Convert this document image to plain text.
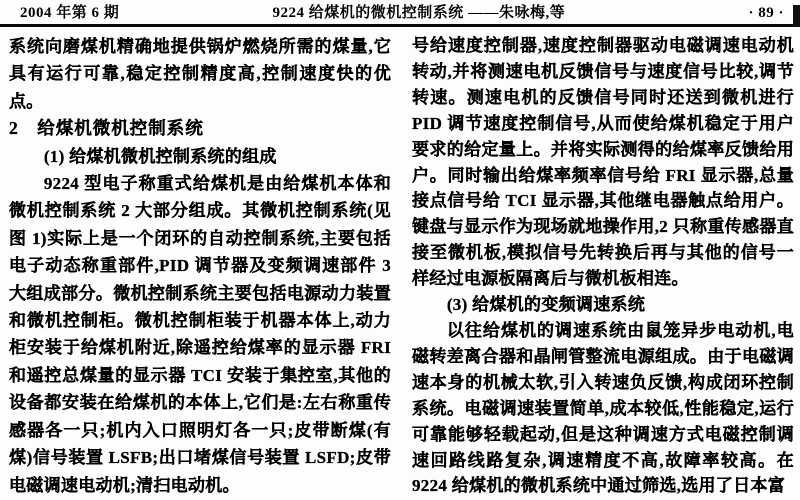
2004 年第 6 期	9224 给煤机的微机控制系统 ——朱咏梅,等	· 89 ·

系统向磨煤机精确地提供锅炉燃烧所需的煤量,它具有运行可靠,稳定控制精度高,控制速度快的优点。

2　给煤机微机控制系统

(1) 给煤机微机控制系统的组成

9224 型电子称重式给煤机是由给煤机本体和微机控制系统 2 大部分组成。其微机控制系统(见图 1)实际上是一个闭环的自动控制系统,主要包括电子动态称重部件,PID 调节器及变频调速部件 3 大组成部分。微机控制系统主要包括电源动力装置和微机控制柜。微机控制柜装于机器本体上,动力柜安装于给煤机附近,除遥控给煤率的显示器 FRI 和遥控总煤量的显示器 TCI 安装于集控室,其他的设备都安装在给煤机的本体上,它们是:左右称重传感器各一只;机内入口照明灯各一只;皮带断煤(有煤)信号装置 LSFB;出口堵煤信号装置 LSFD;皮带电磁调速电动机;清扫电动机。

号给速度控制器,速度控制器驱动电磁调速电动机转动,并将测速电机反馈信号与速度信号比较,调节转速。测速电机的反馈信号同时还送到微机进行 PID 调节速度控制信号,从而使给煤机稳定于用户要求的给定量上。并将实际测得的给煤率反馈给用户。同时输出给煤率频率信号给 FRI 显示器,总量接点信号给 TCI 显示器,其他继电器触点给用户。键盘与显示作为现场就地操作用,2 只称重传感器直接至微机板,模拟信号先转换后再与其他的信号一样经过电源板隔离后与微机板相连。

(3) 给煤机的变频调速系统

以往给煤机的调速系统由鼠笼异步电动机,电磁转差离合器和晶闸管整流电源组成。由于电磁调速本身的机械太软,引入转速负反馈,构成闭环控制系统。电磁调速装置简单,成本较低,性能稳定,运行可靠能够轻载起动,但是这种调速方式电磁控制调速回路线路复杂,调速精度不高,故障率较高。在 9224 给煤机的微机系统中通过筛选,选用了日本富
